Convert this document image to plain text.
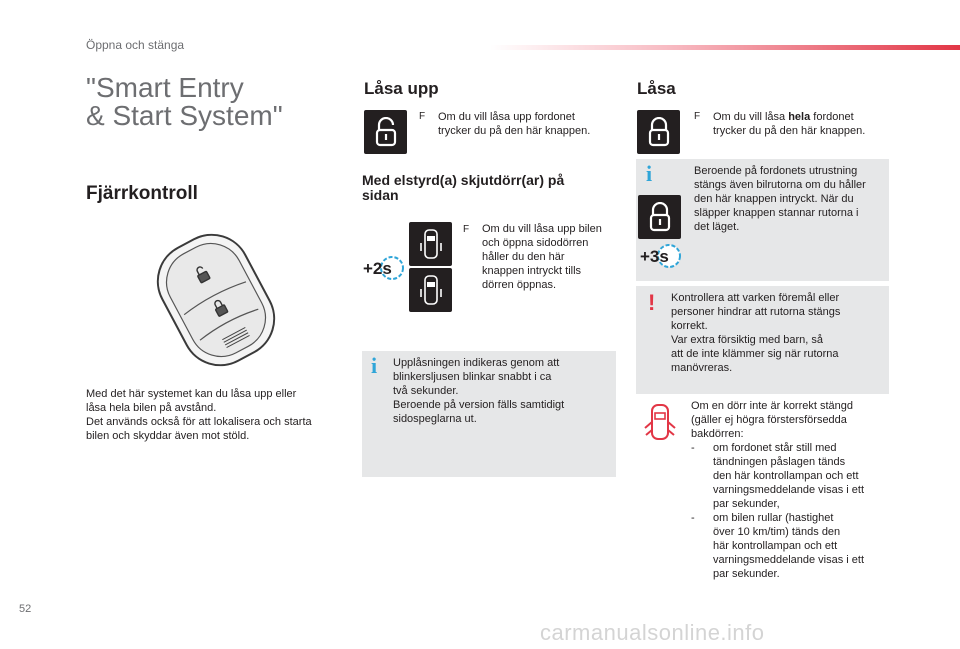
Öppna och stänga
"Smart Entry
& Start System"
Fjärrkontroll
Med det här systemet kan du låsa upp eller
låsa hela bilen på avstånd.
Det används också för att lokalisera och starta
bilen och skyddar även mot stöld.
Låsa upp
F Om du vill låsa upp fordonet
trycker du på den här knappen.
Med elstyrd(a) skjutdörr(ar) på
sidan
+2s
F Om du vill låsa upp bilen
och öppna sidodörren
håller du den här
knappen intryckt tills
dörren öppnas.
i Upplåsningen indikeras genom att
blinkersljusen blinkar snabbt i ca
två sekunder.
Beroende på version fälls samtidigt
sidospeglarna ut.
Låsa
F Om du vill låsa hela fordonet
trycker du på den här knappen.
i
+3s
Beroende på fordonets utrustning
stängs även bilrutorna om du håller
den här knappen intryckt. När du
släpper knappen stannar rutorna i
det läget.
! Kontrollera att varken föremål eller
personer hindrar att rutorna stängs
korrekt.
Var extra försiktig med barn, så
att de inte klämmer sig när rutorna
manövreras.
Om en dörr inte är korrekt stängd
(gäller ej högra förstersförsedda
bakdörren:
-	om fordonet står still med
tändningen påslagen tänds
den här kontrollampan och ett
varningsmeddelande visas i ett
par sekunder,
-	om bilen rullar (hastighet
över 10 km/tim) tänds den
här kontrollampan och ett
varningsmeddelande visas i ett
par sekunder.
52
carmanualsonline.info
